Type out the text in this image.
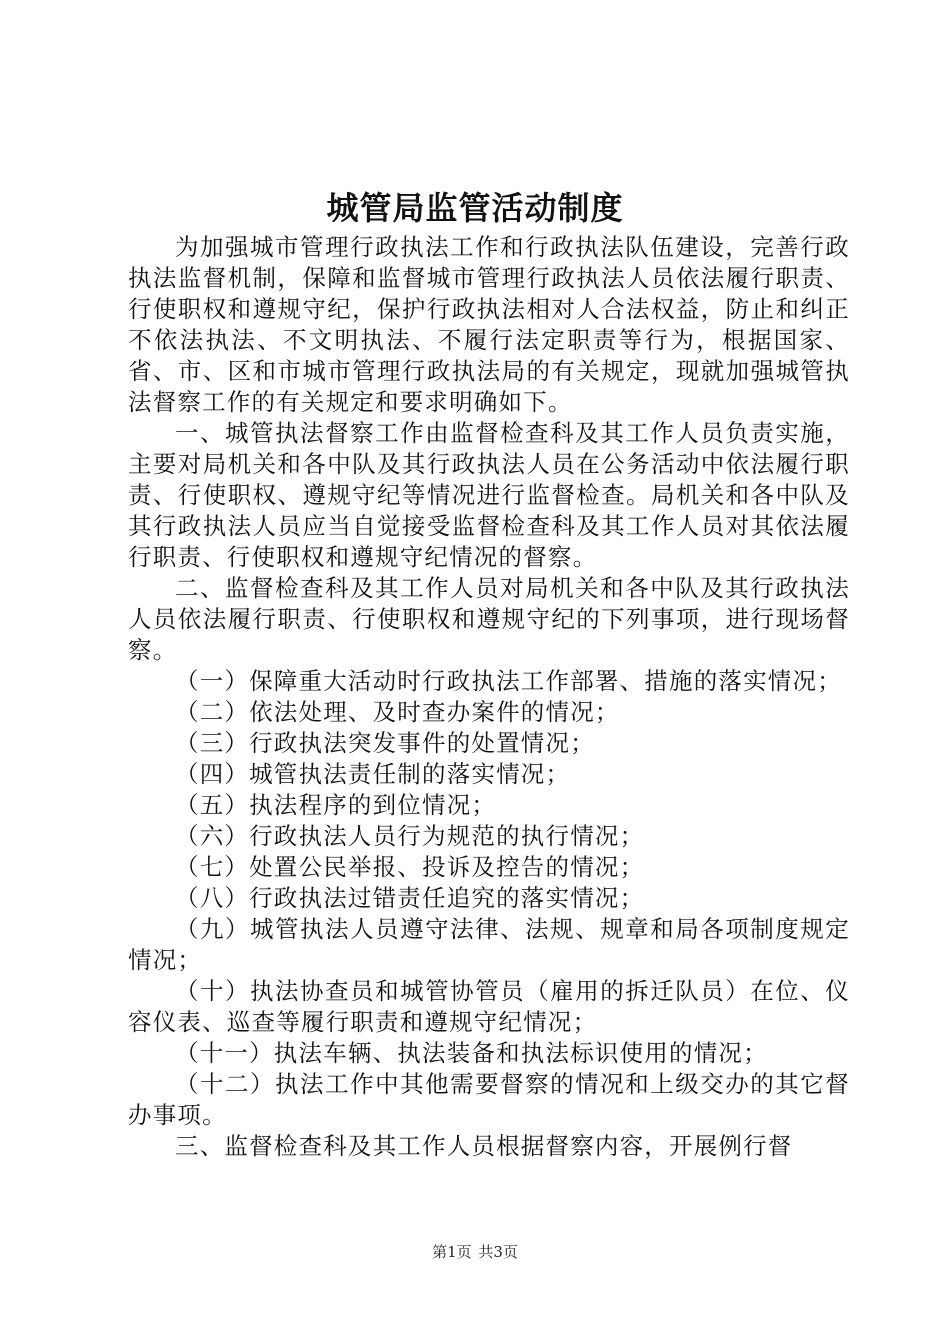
城管局监管活动制度

为加强城市管理行政执法工作和行政执法队伍建设，完善行政执法监督机制，保障和监督城市管理行政执法人员依法履行职责、行使职权和遵规守纪，保护行政执法相对人合法权益，防止和纠正不依法执法、不文明执法、不履行法定职责等行为，根据国家、省、市、区和市城市管理行政执法局的有关规定，现就加强城管执法督察工作的有关规定和要求明确如下。

一、城管执法督察工作由监督检查科及其工作人员负责实施，主要对局机关和各中队及其行政执法人员在公务活动中依法履行职责、行使职权、遵规守纪等情况进行监督检查。局机关和各中队及其行政执法人员应当自觉接受监督检查科及其工作人员对其依法履行职责、行使职权和遵规守纪情况的督察。

二、监督检查科及其工作人员对局机关和各中队及其行政执法人员依法履行职责、行使职权和遵规守纪的下列事项，进行现场督察。

（一）保障重大活动时行政执法工作部署、措施的落实情况；

（二）依法处理、及时查办案件的情况；

（三）行政执法突发事件的处置情况；

（四）城管执法责任制的落实情况；

（五）执法程序的到位情况；

（六）行政执法人员行为规范的执行情况；

（七）处置公民举报、投诉及控告的情况；

（八）行政执法过错责任追究的落实情况；

（九）城管执法人员遵守法律、法规、规章和局各项制度规定情况；

（十）执法协查员和城管协管员（雇用的拆迁队员）在位、仪容仪表、巡查等履行职责和遵规守纪情况；

（十一）执法车辆、执法装备和执法标识使用的情况；

（十二）执法工作中其他需要督察的情况和上级交办的其它督办事项。

三、监督检查科及其工作人员根据督察内容，开展例行督

第1页 共3页
